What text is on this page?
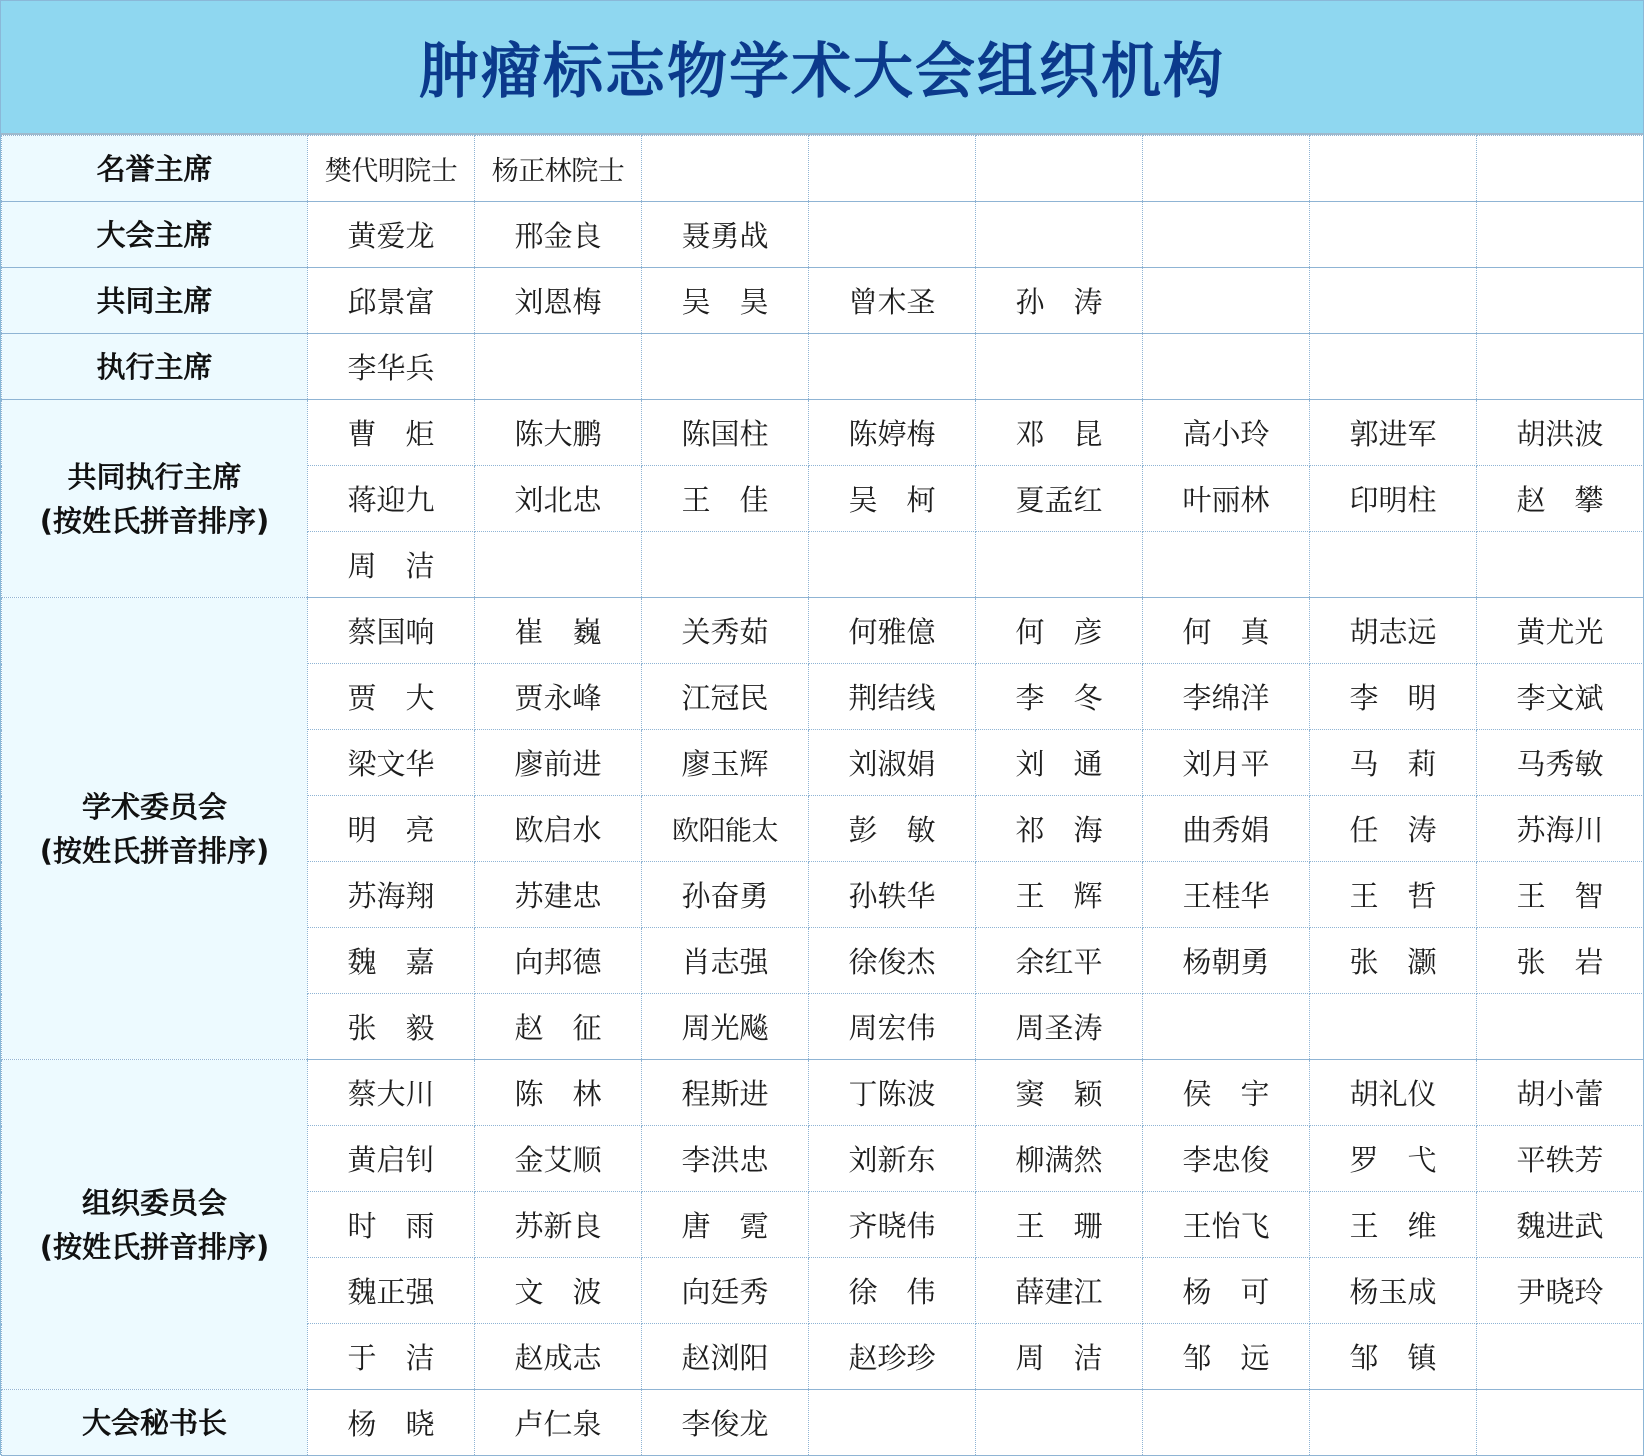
肿瘤标志物学术大会组织机构
名誉主席	樊代明院士	杨正林院士						

大会主席	黄爱龙	邢金良	聂勇战					

共同主席	邱景富	刘恩梅	吴　昊	曾木圣	孙　涛			

执行主席	李华兵							

共同执行主席
(按姓氏拼音排序)	曹　炬	陈大鹏	陈国柱	陈婷梅	邓　昆	高小玲	郭进军	胡洪波
	蒋迎九	刘北忠	王　佳	吴　柯	夏孟红	叶丽林	印明柱	赵　攀
	周　洁							

学术委员会
(按姓氏拼音排序)	蔡国响	崔　巍	关秀茹	何雅億	何　彦	何　真	胡志远	黄尤光
	贾　大	贾永峰	江冠民	荆结线	李　冬	李绵洋	李　明	李文斌
	梁文华	廖前进	廖玉辉	刘淑娟	刘　通	刘月平	马　莉	马秀敏
	明　亮	欧启水	欧阳能太	彭　敏	祁　海	曲秀娟	任　涛	苏海川
	苏海翔	苏建忠	孙奋勇	孙轶华	王　辉	王桂华	王　哲	王　智
	魏　嘉	向邦德	肖志强	徐俊杰	余红平	杨朝勇	张　灏	张　岩
	张　毅	赵　征	周光飚	周宏伟	周圣涛			

组织委员会
(按姓氏拼音排序)	蔡大川	陈　林	程斯进	丁陈波	窦　颖	侯　宇	胡礼仪	胡小蕾
	黄启钊	金艾顺	李洪忠	刘新东	柳满然	李忠俊	罗　弋	平轶芳
	时　雨	苏新良	唐　霓	齐晓伟	王　珊	王怡飞	王　维	魏进武
	魏正强	文　波	向廷秀	徐　伟	薛建江	杨　可	杨玉成	尹晓玲
	于　洁	赵成志	赵浏阳	赵珍珍	周　洁	邹　远	邹　镇	

大会秘书长	杨　晓	卢仁泉	李俊龙					
